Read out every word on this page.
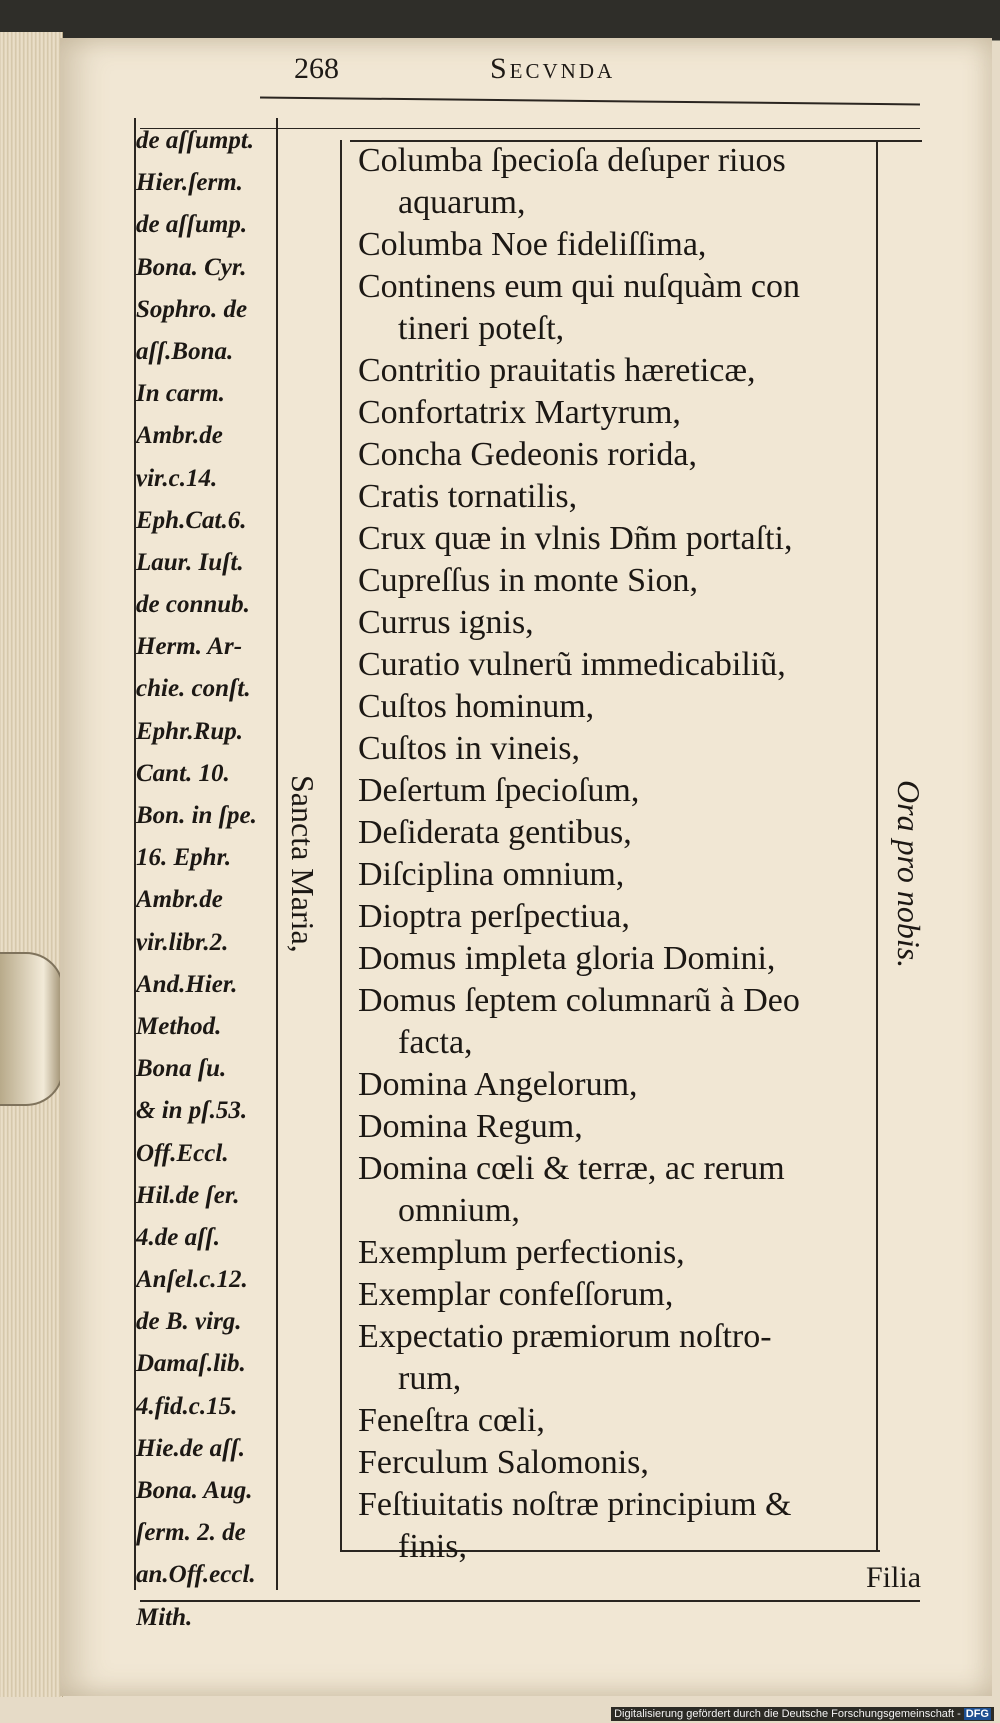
268	Secvnda
de aſſumpt.
Hier.ſerm.
de aſſump.
Bona. Cyr.
Sophro. de
aſſ.Bona.
In carm.
Ambr.de
vir.c.14.
Eph.Cat.6.
Laur. Iuſt.
de connub.
Herm. Ar-
chie. conſt.
Ephr.Rup.
Cant. 10.
Bon. in ſpe.
16. Ephr.
Ambr.de
vir.libr.2.
And.Hier.
Method.
Bona ſu.
& in pſ.53.
Off.Eccl.
Hil.de ſer.
4.de aſſ.
Anſel.c.12.
de B. virg.
Damaſ.lib.
4.fid.c.15.
Hie.de aſſ.
Bona. Aug.
ſerm. 2. de
an.Off.eccl.
Mith.
Sancta Maria,	Ora pro nobis.
Columba ſpecioſa deſuper riuos
aquarum,
Columba Noe fideliſſima,
Continens eum qui nuſquàm con
tineri poteſt,
Contritio prauitatis hæreticæ,
Confortatrix Martyrum,
Concha Gedeonis rorida,
Cratis tornatilis,
Crux quæ in vlnis Dñm portaſti,
Cupreſſus in monte Sion,
Currus ignis,
Curatio vulnerũ immedicabiliũ,
Cuſtos hominum,
Cuſtos in vineis,
Deſertum ſpecioſum,
Deſiderata gentibus,
Diſciplina omnium,
Dioptra perſpectiua,
Domus impleta gloria Domini,
Domus ſeptem columnarũ à Deo
facta,
Domina Angelorum,
Domina Regum,
Domina cœli & terræ, ac rerum
omnium,
Exemplum perfectionis,
Exemplar confeſſorum,
Expectatio præmiorum noſtro-
rum,
Feneſtra cœli,
Ferculum Salomonis,
Feſtiuitatis noſtræ principium &
finis,
Filia
Digitalisierung gefördert durch die Deutsche Forschungsgemeinschaft - DFG
